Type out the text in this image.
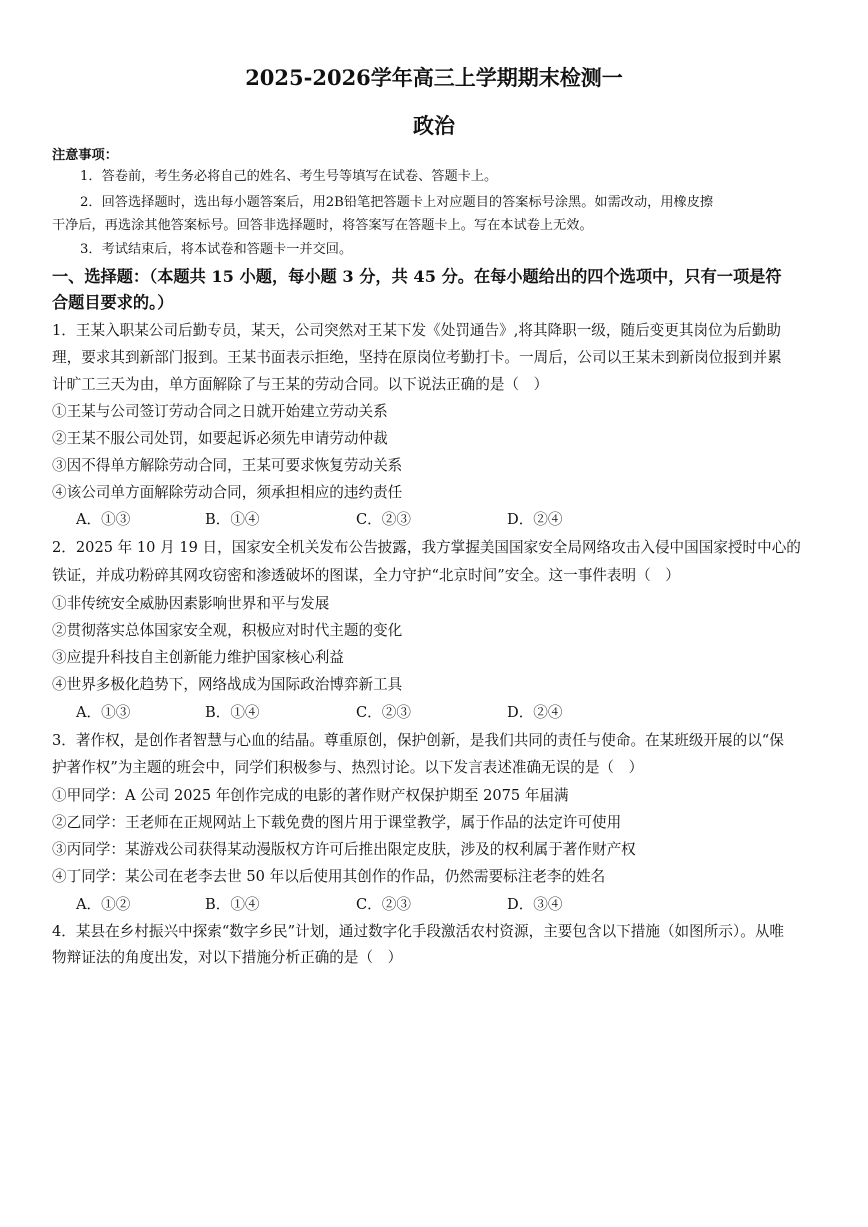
2025-2026学年高三上学期期末检测一
政治
注意事项：
1．答卷前，考生务必将自己的姓名、考生号等填写在试卷、答题卡上。
2．回答选择题时，选出每小题答案后，用2B铅笔把答题卡上对应题目的答案标号涂黑。如需改动，用橡皮擦
干净后，再选涂其他答案标号。回答非选择题时，将答案写在答题卡上。写在本试卷上无效。
3．考试结束后，将本试卷和答题卡一并交回。
一、选择题：（本题共 15 小题，每小题 3 分，共 45 分。在每小题给出的四个选项中，只有一项是符
合题目要求的。）
1．王某入职某公司后勤专员，某天，公司突然对王某下发《处罚通告》,将其降职一级，随后变更其岗位为后勤助
理，要求其到新部门报到。王某书面表示拒绝，坚持在原岗位考勤打卡。一周后，公司以王某未到新岗位报到并累
计旷工三天为由，单方面解除了与王某的劳动合同。以下说法正确的是（　）
①王某与公司签订劳动合同之日就开始建立劳动关系
②王某不服公司处罚，如要起诉必须先申请劳动仲裁
③因不得单方解除劳动合同，王某可要求恢复劳动关系
④该公司单方面解除劳动合同，须承担相应的违约责任
A．①③	B．①④	C．②③	D．②④
2．2025 年 10 月 19 日，国家安全机关发布公告披露，我方掌握美国国家安全局网络攻击入侵中国国家授时中心的
铁证，并成功粉碎其网攻窃密和渗透破坏的图谋，全力守护“北京时间”安全。这一事件表明（　）
①非传统安全威胁因素影响世界和平与发展
②贯彻落实总体国家安全观，积极应对时代主题的变化
③应提升科技自主创新能力维护国家核心利益
④世界多极化趋势下，网络战成为国际政治博弈新工具
A．①③	B．①④	C．②③	D．②④
3．著作权，是创作者智慧与心血的结晶。尊重原创，保护创新，是我们共同的责任与使命。在某班级开展的以“保
护著作权”为主题的班会中，同学们积极参与、热烈讨论。以下发言表述准确无误的是（　）
①甲同学：A 公司 2025 年创作完成的电影的著作财产权保护期至 2075 年届满
②乙同学：王老师在正规网站上下载免费的图片用于课堂教学，属于作品的法定许可使用
③丙同学：某游戏公司获得某动漫版权方许可后推出限定皮肤，涉及的权利属于著作财产权
④丁同学：某公司在老李去世 50 年以后使用其创作的作品，仍然需要标注老李的姓名
A．①②	B．①④	C．②③	D．③④
4．某县在乡村振兴中探索“数字乡民”计划，通过数字化手段激活农村资源，主要包含以下措施（如图所示）。从唯
物辩证法的角度出发，对以下措施分析正确的是（　）
